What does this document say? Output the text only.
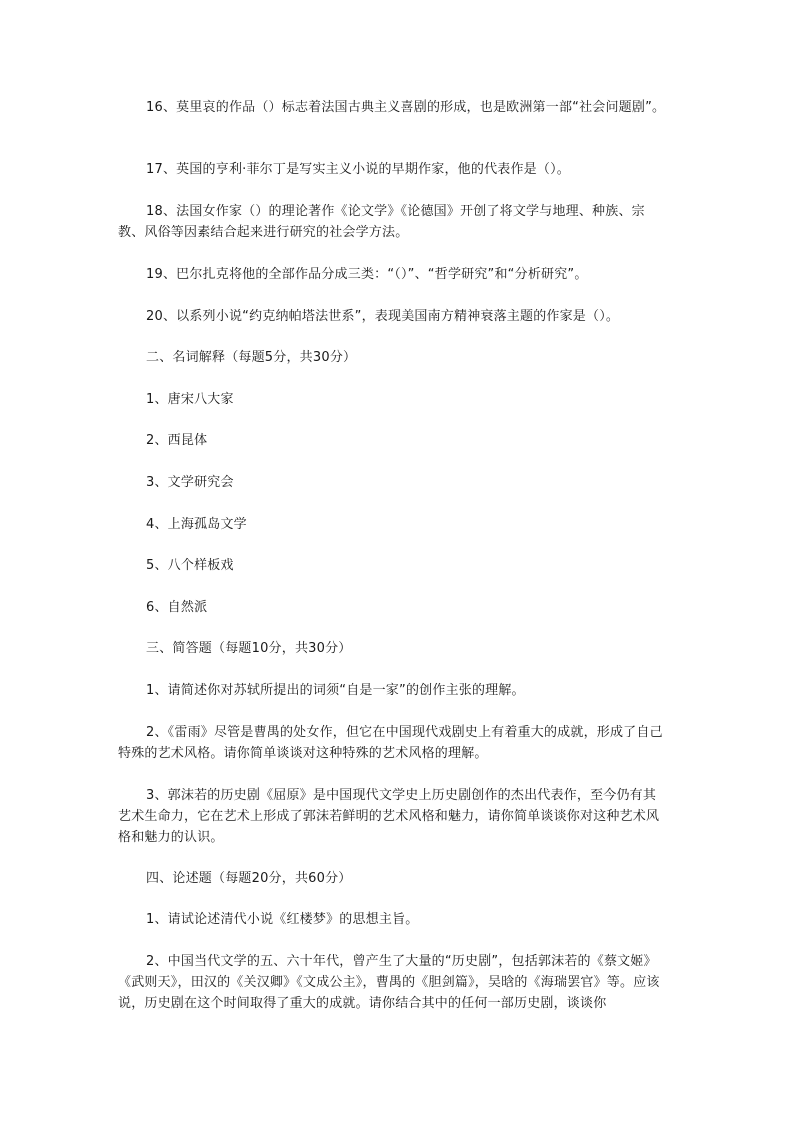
16、莫里哀的作品（）标志着法国古典主义喜剧的形成，也是欧洲第一部“社会问题剧”。

17、英国的亨利·菲尔丁是写实主义小说的早期作家，他的代表作是（）。

18、法国女作家（）的理论著作《论文学》《论德国》开创了将文学与地理、种族、宗教、风俗等因素结合起来进行研究的社会学方法。

19、巴尔扎克将他的全部作品分成三类：“（）”、“哲学研究”和“分析研究”。

20、以系列小说“约克纳帕塔法世系”，表现美国南方精神衰落主题的作家是（）。

二、名词解释（每题5分，共30分）

1、唐宋八大家

2、西昆体

3、文学研究会

4、上海孤岛文学

5、八个样板戏

6、自然派

三、简答题（每题10分，共30分）

1、请简述你对苏轼所提出的词须“自是一家”的创作主张的理解。

2、《雷雨》尽管是曹禺的处女作，但它在中国现代戏剧史上有着重大的成就，形成了自己特殊的艺术风格。请你简单谈谈对这种特殊的艺术风格的理解。

3、郭沫若的历史剧《屈原》是中国现代文学史上历史剧创作的杰出代表作，至今仍有其艺术生命力，它在艺术上形成了郭沫若鲜明的艺术风格和魅力，请你简单谈谈你对这种艺术风格和魅力的认识。

四、论述题（每题20分，共60分）

1、请试论述清代小说《红楼梦》的思想主旨。

2、中国当代文学的五、六十年代，曾产生了大量的“历史剧”，包括郭沫若的《蔡文姬》《武则天》，田汉的《关汉卿》《文成公主》，曹禺的《胆剑篇》，吴晗的《海瑞罢官》等。应该说，历史剧在这个时间取得了重大的成就。请你结合其中的任何一部历史剧，谈谈你
